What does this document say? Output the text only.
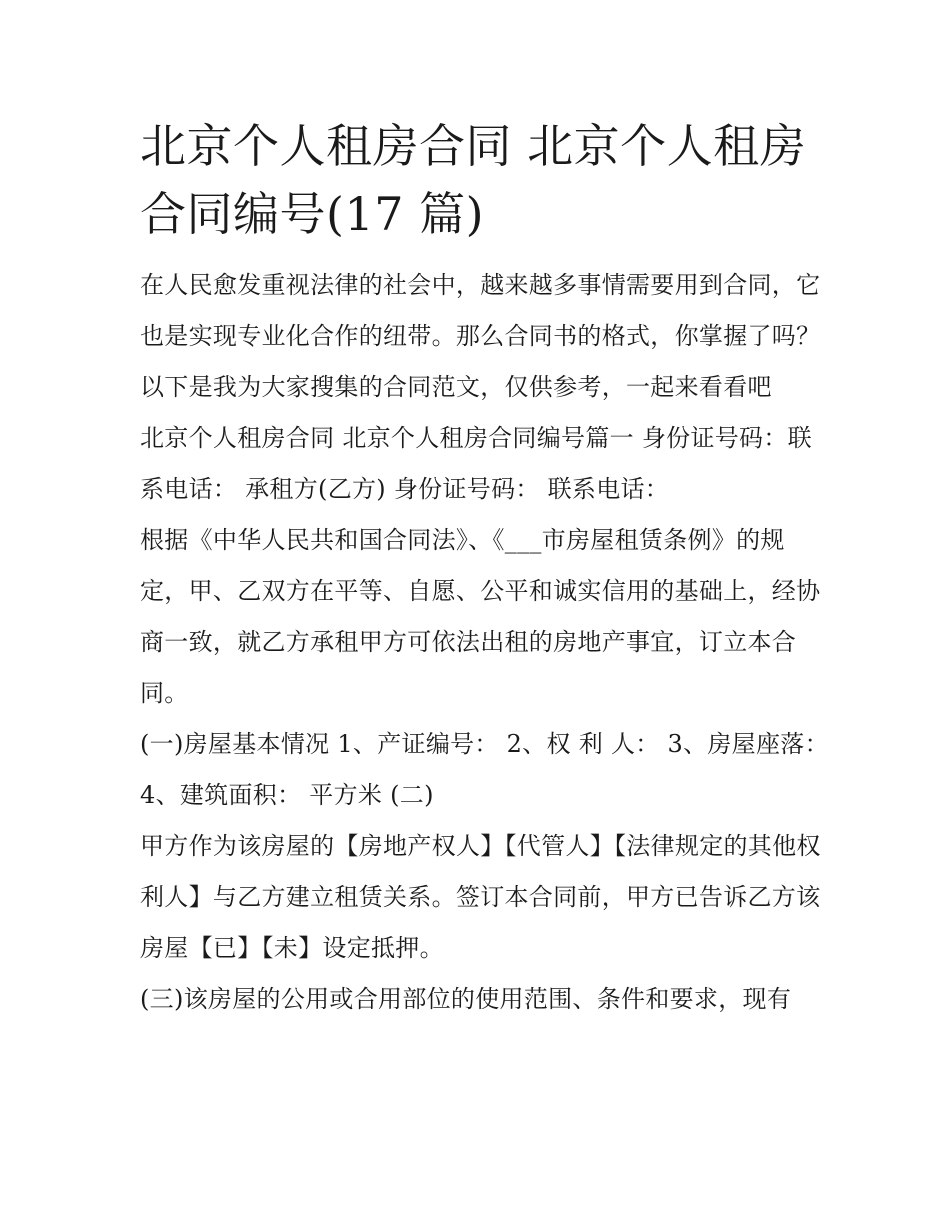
北京个人租房合同 北京个人租房合同编号(17 篇)

在人民愈发重视法律的社会中，越来越多事情需要用到合同，它也是实现专业化合作的纽带。那么合同书的格式，你掌握了吗？以下是我为大家搜集的合同范文，仅供参考，一起来看看吧

北京个人租房合同 北京个人租房合同编号篇一 身份证号码：联系电话： 承租方(乙方) 身份证号码： 联系电话：

根据《中华人民共和国合同法》、《___市房屋租赁条例》的规定，甲、乙双方在平等、自愿、公平和诚实信用的基础上，经协商一致，就乙方承租甲方可依法出租的房地产事宜，订立本合同。

(一)房屋基本情况 1、产证编号： 2、权 利 人： 3、房屋座落： 4、建筑面积： 平方米 (二)

甲方作为该房屋的【房地产权人】【代管人】【法律规定的其他权利人】与乙方建立租赁关系。签订本合同前，甲方已告诉乙方该房屋【已】【未】设定抵押。

(三)该房屋的公用或合用部位的使用范围、条件和要求，现有
